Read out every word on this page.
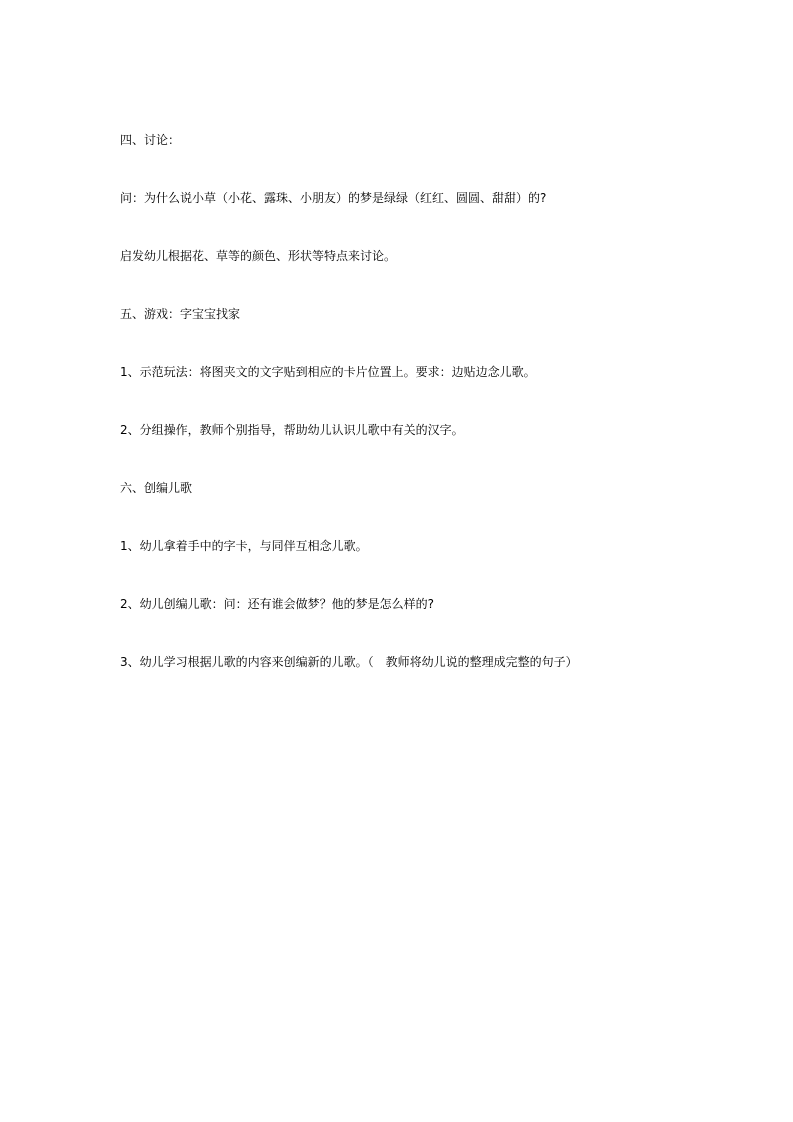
四、讨论：

问：为什么说小草（小花、露珠、小朋友）的梦是绿绿（红红、圆圆、甜甜）的?

启发幼儿根据花、草等的颜色、形状等特点来讨论。

五、游戏：字宝宝找家

1、示范玩法：将图夹文的文字贴到相应的卡片位置上。要求：边贴边念儿歌。

2、分组操作，教师个别指导，帮助幼儿认识儿歌中有关的汉字。

六、创编儿歌

1、幼儿拿着手中的字卡，与同伴互相念儿歌。

2、幼儿创编儿歌：问：还有谁会做梦？他的梦是怎么样的?

3、幼儿学习根据儿歌的内容来创编新的儿歌。（　教师将幼儿说的整理成完整的句子）
